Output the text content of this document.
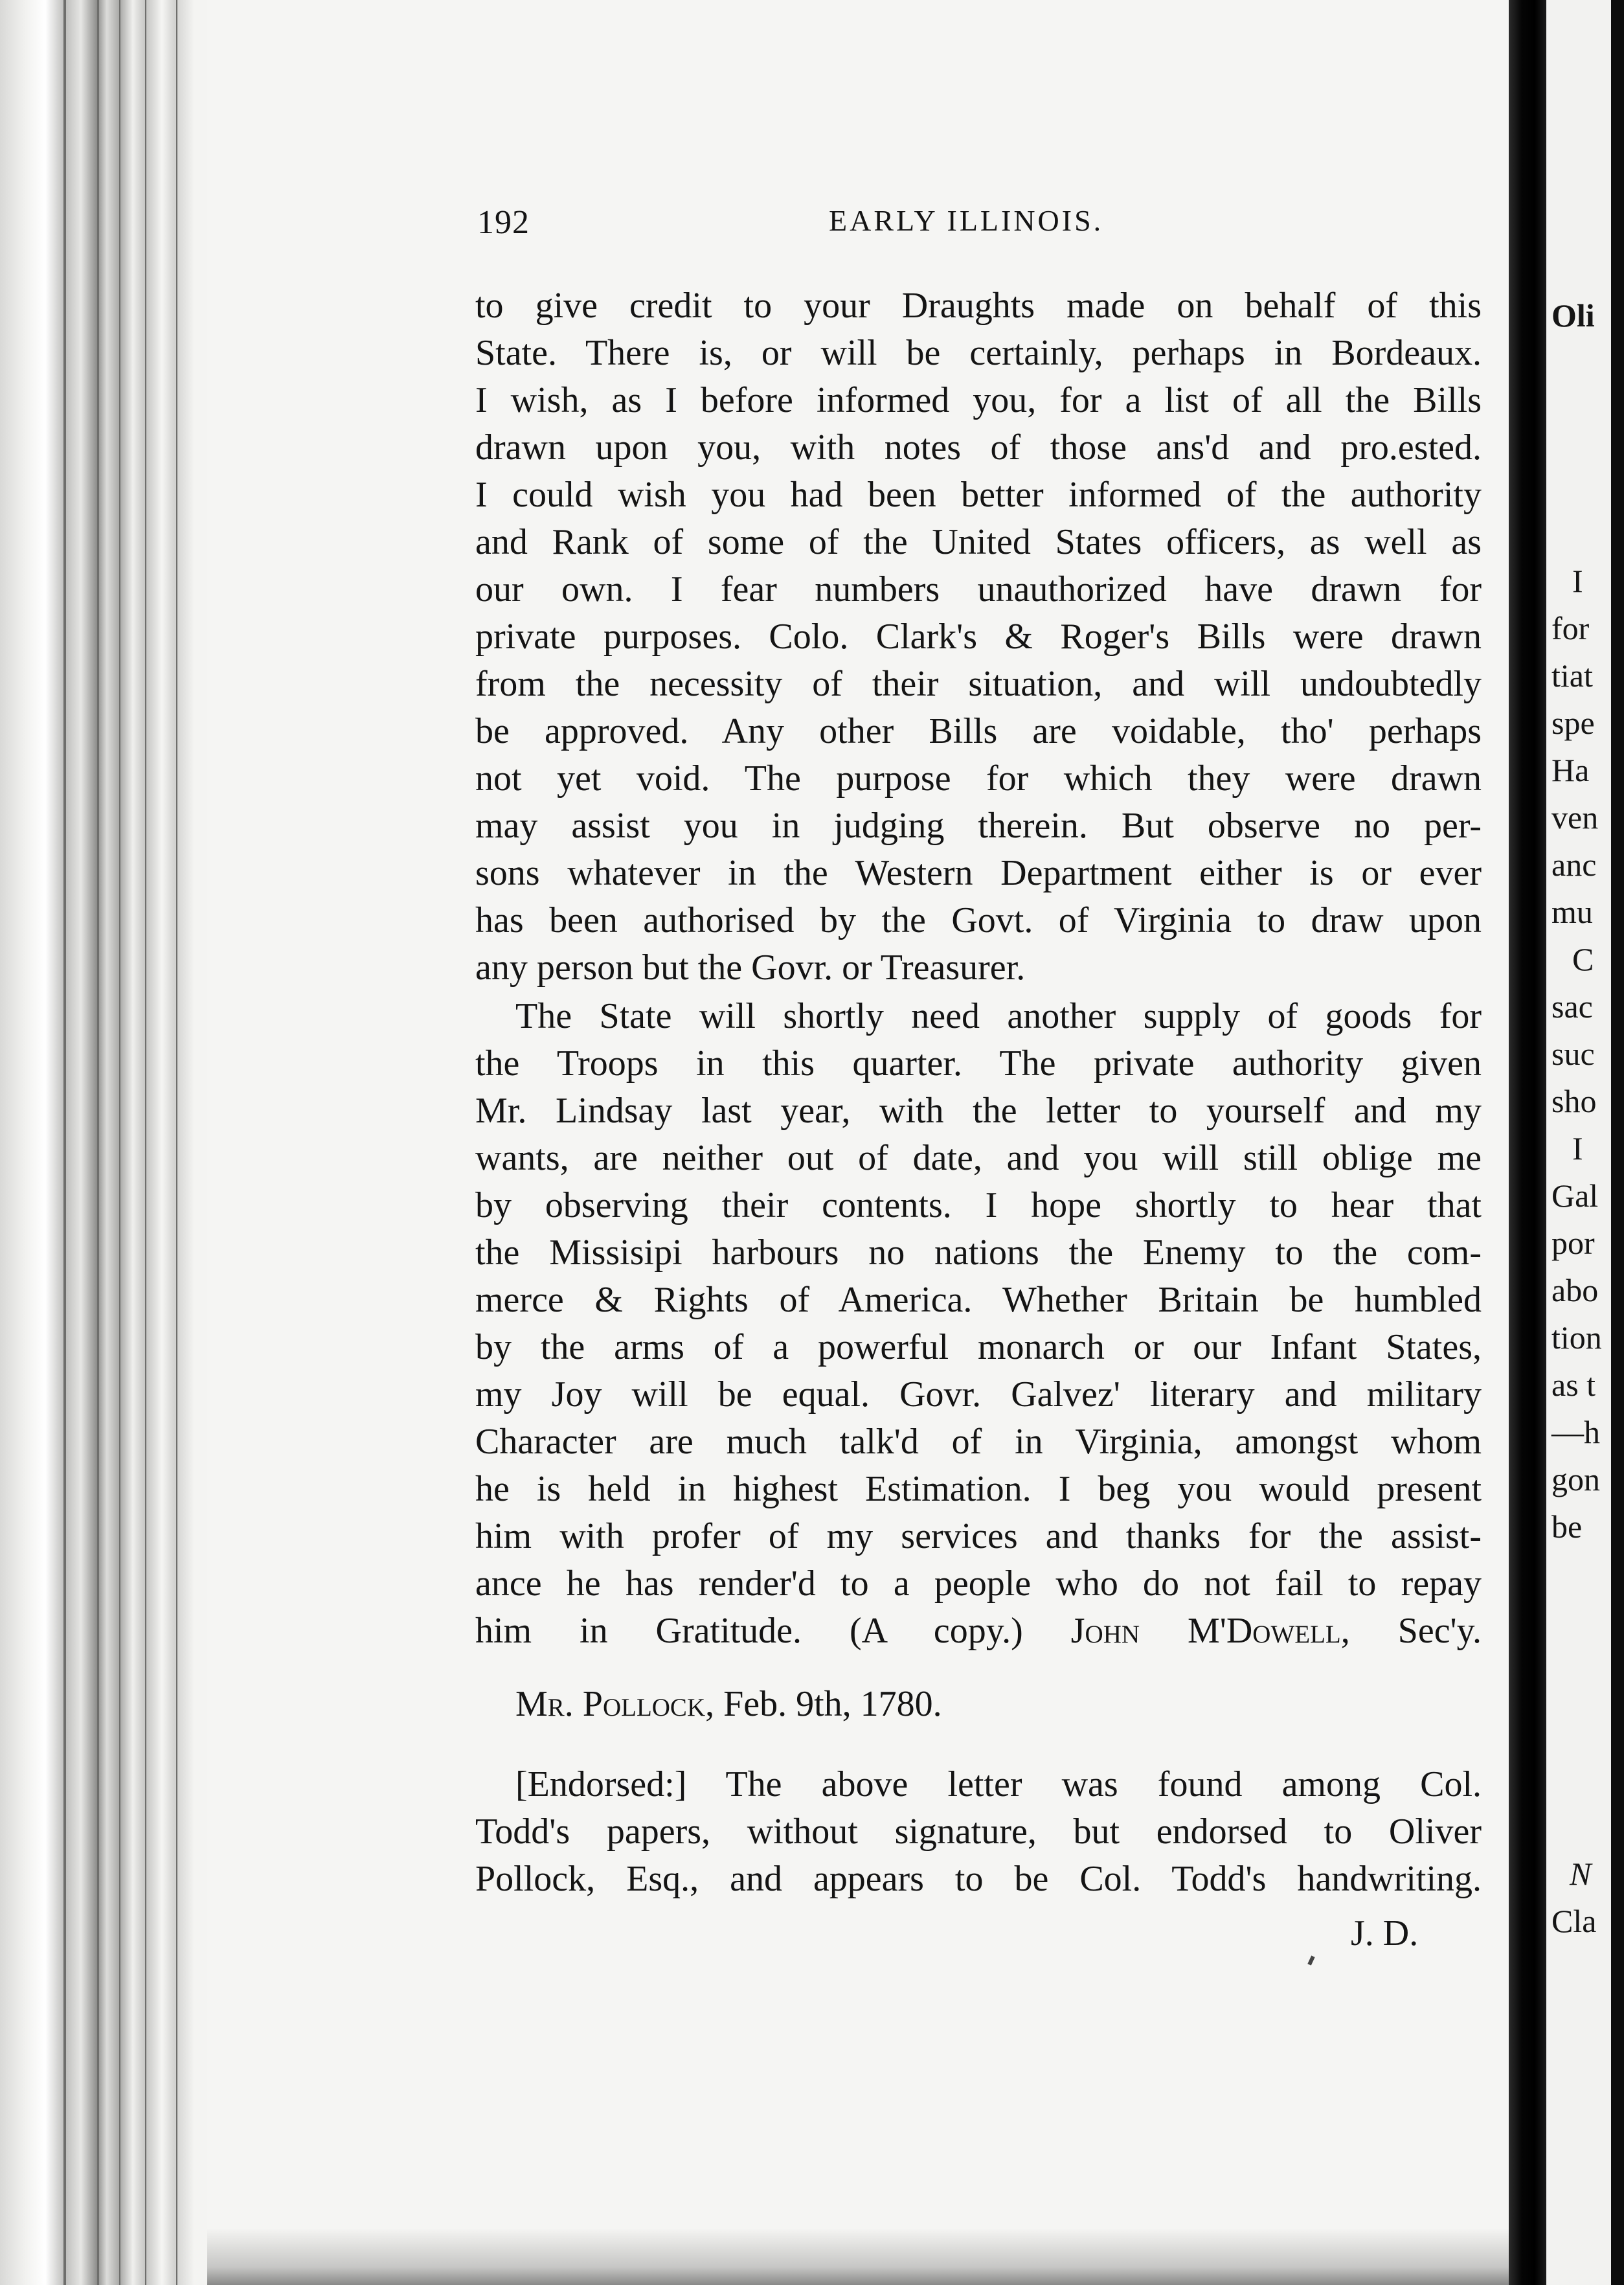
192	EARLY ILLINOIS.

to give credit to your Draughts made on behalf of this

State. There is, or will be certainly, perhaps in Bordeaux.

I wish, as I before informed you, for a list of all the Bills

drawn upon you, with notes of those ans'd and pro.ested.

I could wish you had been better informed of the authority

and Rank of some of the United States officers, as well as

our own. I fear numbers unauthorized have drawn for

private purposes. Colo. Clark's & Roger's Bills were drawn

from the necessity of their situation, and will undoubtedly

be approved. Any other Bills are voidable, tho' perhaps

not yet void. The purpose for which they were drawn

may assist you in judging therein. But observe no per-

sons whatever in the Western Department either is or ever

has been authorised by the Govt. of Virginia to draw upon

any person but the Govr. or Treasurer.

The State will shortly need another supply of goods for

the Troops in this quarter. The private authority given

Mr. Lindsay last year, with the letter to yourself and my

wants, are neither out of date, and you will still oblige me

by observing their contents. I hope shortly to hear that

the Missisipi harbours no nations the Enemy to the com-

merce & Rights of America. Whether Britain be humbled

by the arms of a powerful monarch or our Infant States,

my Joy will be equal. Govr. Galvez' literary and military

Character are much talk'd of in Virginia, amongst whom

he is held in highest Estimation. I beg you would present

him with profer of my services and thanks for the assist-

ance he has render'd to a people who do not fail to repay

him in Gratitude. (A copy.) John M'Dowell, Sec'y.

Mr. Pollock, Feb. 9th, 1780.

[Endorsed:] The above letter was found among Col.

Todd's papers, without signature, but endorsed to Oliver

Pollock, Esq., and appears to be Col. Todd's handwriting.

J. D.

Oli

I

for

tiat

spe

Ha

ven

anc

mu

C

sac

suc

sho

I

Gal

por

abo

tion

as t

—h

gon

be

N

Cla
